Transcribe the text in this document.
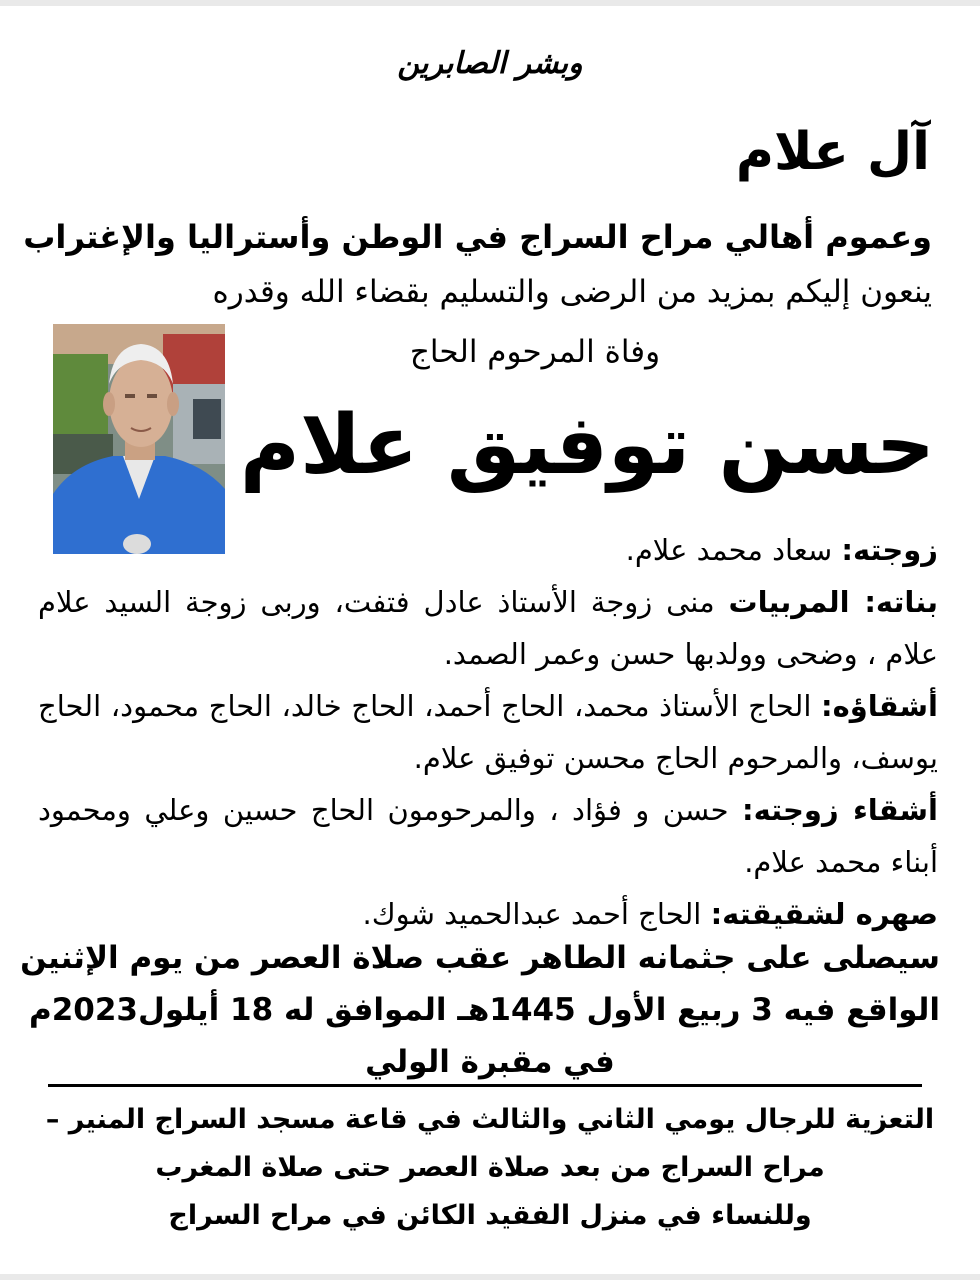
وبشر الصابرين
آل علام
وعموم أهالي مراح السراج في الوطن وأستراليا والإغتراب
ينعون إليكم بمزيد من الرضى والتسليم بقضاء الله وقدره
وفاة المرحوم الحاج
حسن توفيق علام

زوجته: سعاد محمد علام.

بناته: المربيات منى زوجة الأستاذ عادل فتفت، وربى زوجة السيد علام علام ، وضحى وولدبها حسن وعمر الصمد.

أشقاؤه: الحاج الأستاذ محمد، الحاج أحمد، الحاج خالد، الحاج محمود، الحاج يوسف، والمرحوم الحاج محسن توفيق علام.

أشقاء زوجته: حسن و فؤاد ، والمرحومون الحاج حسين وعلي ومحمود أبناء محمد علام.

صهره لشقيقته: الحاج أحمد عبدالحميد شوك.

سيصلى على جثمانه الطاهر عقب صلاة العصر من يوم الإثنين
الواقع فيه 3 ربيع الأول 1445هـ الموافق له 18 أيلول2023م
في مقبرة الولي
التعزية للرجال يومي الثاني والثالث في قاعة مسجد السراج المنير –
مراح السراج من بعد صلاة العصر حتى صلاة المغرب
وللنساء في منزل الفقيد الكائن في مراح السراج
